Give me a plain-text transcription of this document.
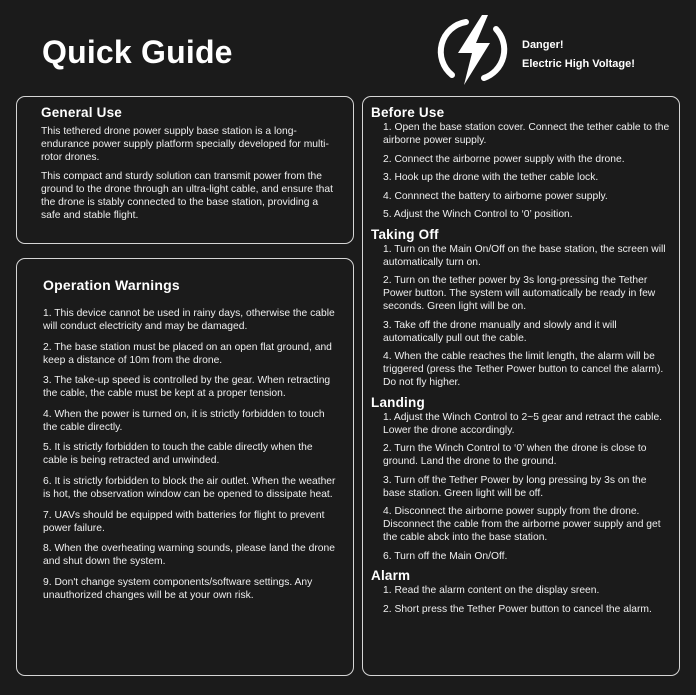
Quick Guide	Danger!
Electric High Voltage!
General Use

This tethered drone power supply base station is a long-endurance power supply platform specially developed for multi-rotor drones.

This compact and sturdy solution can transmit power from the ground to the drone through an ultra-light cable, and ensure that the drone is stably connected to the base station, providing a safe and stable flight.

Operation Warnings

1. This device cannot be used in rainy days, otherwise the cable will conduct electricity and may be damaged.

2. The base station must be placed on an open flat ground, and keep a distance of 10m from the drone.

3. The take-up speed is controlled by the gear. When retracting the cable, the cable must be kept at a proper tension.

4. When the power is turned on, it is strictly forbidden to touch the cable directly.

5. It is strictly forbidden to touch the cable directly when the cable is being retracted and unwinded.

6. It is strictly forbidden to block the air outlet. When the weather is hot, the observation window can be opened to dissipate heat.

7. UAVs should be equipped with batteries for flight to prevent power failure.

8. When the overheating warning sounds, please land the drone and shut down the system.

9. Don't change system components/software settings. Any unauthorized changes will be at your own risk.

Before Use

1. Open the base station cover. Connect the tether cable to the airborne power supply.

2. Connect the airborne power supply with the drone.

3. Hook up the drone with the tether cable lock.

4. Connnect the battery to airborne power supply.

5. Adjust the Winch Control to ‘0’ position.

Taking Off

1. Turn on the Main On/Off on the base station, the screen will automatically turn on.

2. Turn on the tether power by 3s long-pressing the Tether Power button. The system will automatically be ready in few seconds. Green light will be on.

3. Take off the drone manually and slowly and it will automatically pull out the cable.

4. When the cable reaches the limit length, the alarm will be triggered (press the Tether Power button to cancel the alarm). Do not fly higher.

Landing

1. Adjust the Winch Control to 2~5 gear and retract the cable. Lower the drone accordingly.

2. Turn the Winch Control to ‘0’ when the drone is close to ground. Land the drone to the ground.

3. Turn off the Tether Power by long pressing by 3s on the base station. Green light will be off.

4. Disconnect the airborne power supply from the drone. Disconnect the cable from the airborne power supply and get the cable abck into the base station.

6. Turn off the Main On/Off.

Alarm

1. Read the alarm content on the display sreen.

2. Short press the Tether Power button to cancel the alarm.
